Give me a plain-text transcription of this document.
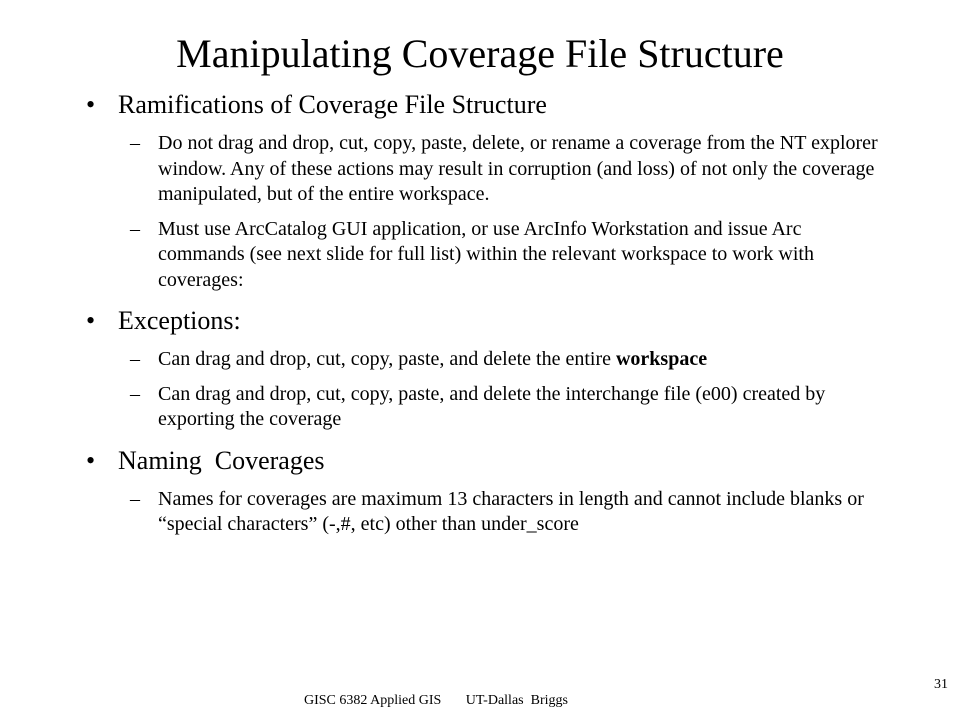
Manipulating Coverage File Structure

• Ramifications of Coverage File Structure

– Do not drag and drop, cut, copy, paste, delete, or rename a coverage from the NT explorer window. Any of these actions may result in corruption (and loss) of not only the coverage manipulated, but of the entire workspace.

– Must use ArcCatalog GUI application, or use ArcInfo Workstation and issue Arc commands (see next slide for full list) within the relevant workspace to work with coverages:

• Exceptions:

– Can drag and drop, cut, copy, paste, and delete the entire workspace

– Can drag and drop, cut, copy, paste, and delete the interchange file (e00) created by exporting the coverage

• Naming  Coverages

– Names for coverages are maximum 13 characters in length and cannot include blanks or “special characters” (-,#, etc) other than under_score

GISC 6382 Applied GIS UT-Dallas  Briggs
31
